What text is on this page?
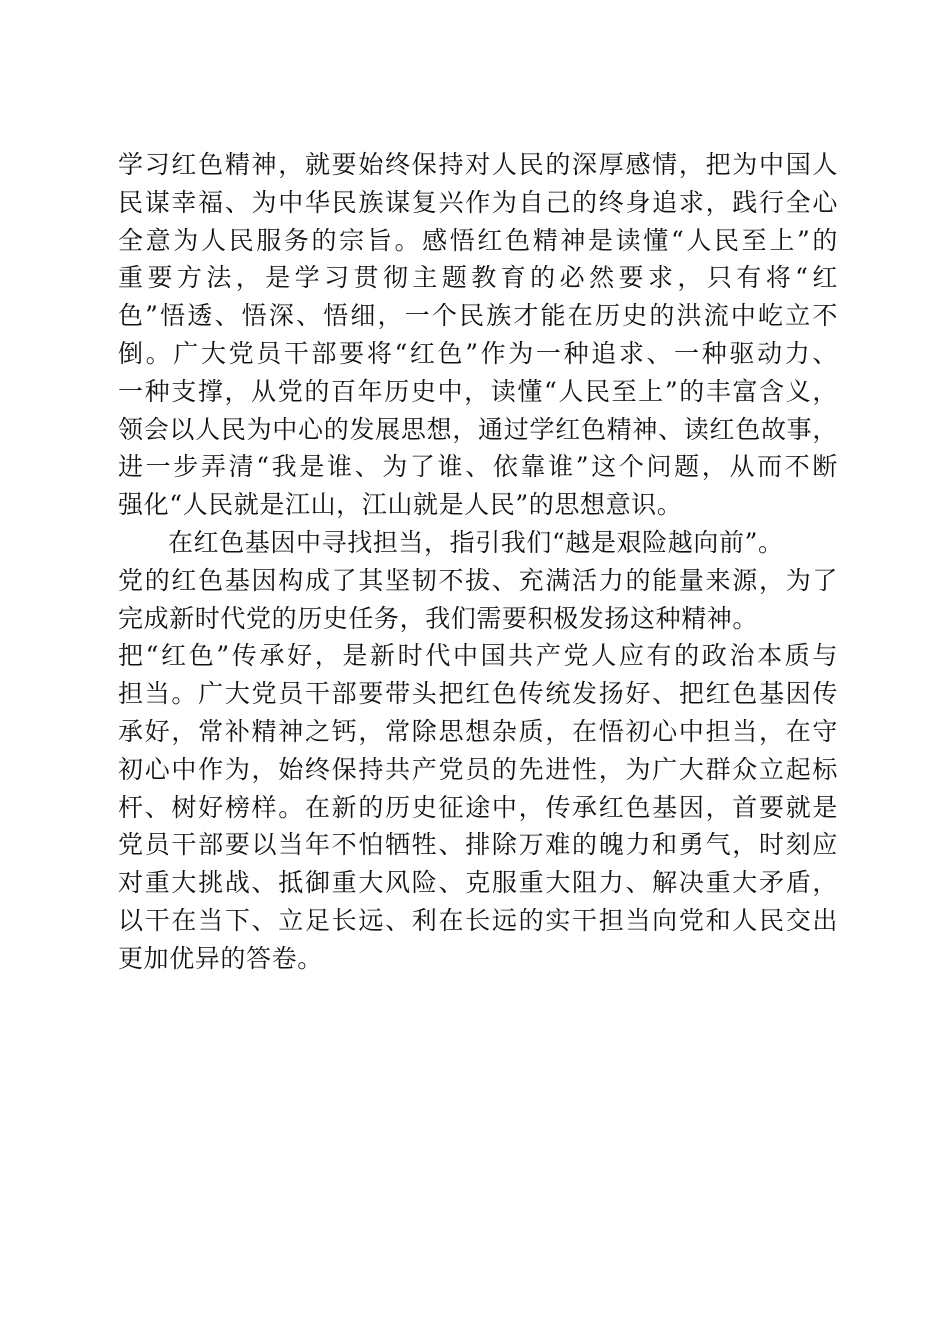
学习红色精神，就要始终保持对人民的深厚感情，把为中国人
民谋幸福、为中华民族谋复兴作为自己的终身追求，践行全心
全意为人民服务的宗旨。感悟红色精神是读懂“人民至上”的
重要方法，是学习贯彻主题教育的必然要求，只有将“红
色”悟透、悟深、悟细，一个民族才能在历史的洪流中屹立不
倒。广大党员干部要将“红色”作为一种追求、一种驱动力、
一种支撑，从党的百年历史中，读懂“人民至上”的丰富含义，
领会以人民为中心的发展思想，通过学红色精神、读红色故事，
进一步弄清“我是谁、为了谁、依靠谁”这个问题，从而不断
强化“人民就是江山，江山就是人民”的思想意识。
在红色基因中寻找担当，指引我们“越是艰险越向前”。
党的红色基因构成了其坚韧不拔、充满活力的能量来源，为了
完成新时代党的历史任务，我们需要积极发扬这种精神。
把“红色”传承好，是新时代中国共产党人应有的政治本质与
担当。广大党员干部要带头把红色传统发扬好、把红色基因传
承好，常补精神之钙，常除思想杂质，在悟初心中担当，在守
初心中作为，始终保持共产党员的先进性，为广大群众立起标
杆、树好榜样。在新的历史征途中，传承红色基因，首要就是
党员干部要以当年不怕牺牲、排除万难的魄力和勇气，时刻应
对重大挑战、抵御重大风险、克服重大阻力、解决重大矛盾，
以干在当下、立足长远、利在长远的实干担当向党和人民交出
更加优异的答卷。
